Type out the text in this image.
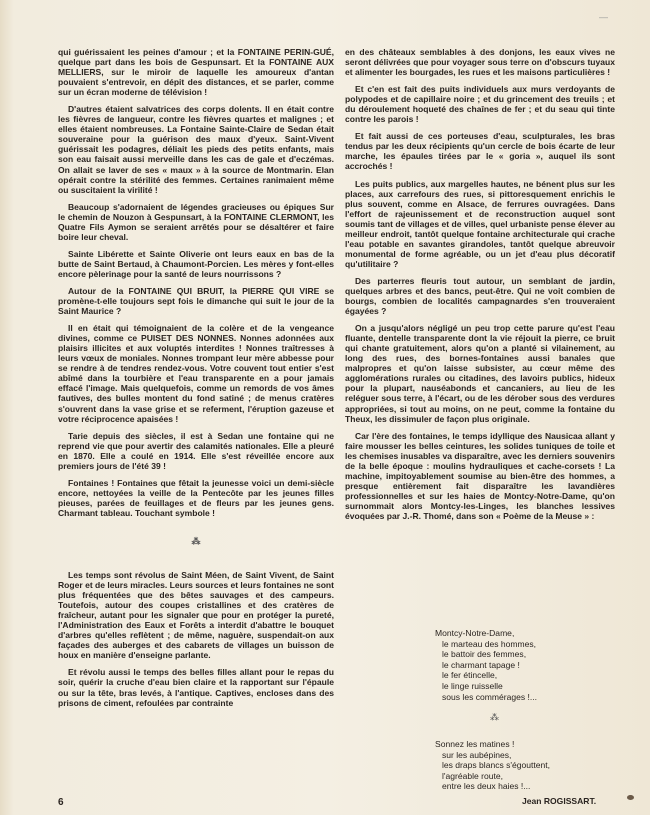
—

qui guérissaient les peines d'amour ; et la FONTAINE PERIN-GUÉ, quelque part dans les bois de Gespunsart. Et la FONTAINE AUX MELLIERS, sur le miroir de laquelle les amoureux d'antan pouvaient s'entrevoir, en dépit des distances, et se parler, comme sur un écran moderne de télévision !

D'autres étaient salvatrices des corps dolents. Il en était contre les fièvres de langueur, contre les fièvres quartes et malignes ; et elles étaient nombreuses. La Fontaine Sainte-Claire de Sedan était souveraine pour la guérison des maux d'yeux. Saint-Vivent guérissait les podagres, déliait les pieds des petits enfants, mais son eau faisait aussi merveille dans les cas de gale et d'eczémas. On allait se laver de ses « maux » à la source de Montmarin. Elan opérait contre la stérilité des femmes. Certaines ranimaient même ou suscitaient la virilité !

Beaucoup s'adornaient de légendes gracieuses ou épiques Sur le chemin de Nouzon à Gespunsart, à la FONTAINE CLERMONT, les Quatre Fils Aymon se seraient arrêtés pour se désaltérer et faire boire leur cheval.

Sainte Libérette et Sainte Oliverie ont leurs eaux en bas de la butte de Saint Bertaud, à Chaumont-Porcien. Les mères y font-elles encore pèlerinage pour la santé de leurs nourrissons ?

Autour de la FONTAINE QUI BRUIT, la PIERRE QUI VIRE se promène-t-elle toujours sept fois le dimanche qui suit le jour de la Saint Maurice ?

Il en était qui témoignaient de la colère et de la vengeance divines, comme ce PUISET DES NONNES. Nonnes adonnées aux plaisirs illicites et aux voluptés interdites ! Nonnes traîtresses à leurs vœux de moniales. Nonnes trompant leur mère abbesse pour se rendre à de tendres rendez-vous. Votre couvent tout entier s'est abîmé dans la tourbière et l'eau transparente en a pour jamais effacé l'image. Mais quelquefois, comme un remords de vos âmes fautives, des bulles montent du fond satiné ; de menus cratères s'ouvrent dans la vase grise et se referment, l'éruption gazeuse et votre réciprocence apaisées !

Tarie depuis des siècles, il est à Sedan une fontaine qui ne reprend vie que pour avertir des calamités nationales. Elle a pleuré en 1870. Elle a coulé en 1914. Elle s'est réveillée encore aux premiers jours de l'été 39 !

Fontaines ! Fontaines que fêtait la jeunesse voici un demi-siècle encore, nettoyées la veille de la Pentecôte par les jeunes filles pieuses, parées de feuillages et de fleurs par les jeunes gens. Charmant tableau. Touchant symbole !

⁂

Les temps sont révolus de Saint Méen, de Saint Vivent, de Saint Roger et de leurs miracles. Leurs sources et leurs fontaines ne sont plus fréquentées que des bêtes sauvages et des campeurs. Toutefois, autour des coupes cristallines et des cratères de fraîcheur, autant pour les signaler que pour en protéger la pureté, l'Administration des Eaux et Forêts a interdit d'abattre le bouquet d'arbres qu'elles reflètent ; de même, naguère, suspendait-on aux façades des auberges et des cabarets de villages un buisson de houx en manière d'enseigne parlante.

Et révolu aussi le temps des belles filles allant pour le repas du soir, quérir la cruche d'eau bien claire et la rapportant sur l'épaule ou sur la tête, bras levés, à l'antique. Captives, encloses dans des prisons de ciment, refoulées par contrainte

en des châteaux semblables à des donjons, les eaux vives ne seront délivrées que pour voyager sous terre on d'obscurs tuyaux et alimenter les bourgades, les rues et les maisons particulières !

Et c'en est fait des puits individuels aux murs verdoyants de polypodes et de capillaire noire ; et du grincement des treuils ; et du déroulement hoqueté des chaînes de fer ; et du seau qui tinte contre les parois !

Et fait aussi de ces porteuses d'eau, sculpturales, les bras tendus par les deux récipients qu'un cercle de bois écarte de leur marche, les épaules tirées par le « goria », auquel ils sont accrochés !

Les puits publics, aux margelles hautes, ne bénent plus sur les places, aux carrefours des rues, si pittoresquement enrichis le plus souvent, comme en Alsace, de ferrures ouvragées. Dans l'effort de rajeunissement et de reconstruction auquel sont soumis tant de villages et de villes, quel urbaniste pense élever au meilleur endroit, tantôt quelque fontaine architecturale qui crache l'eau potable en savantes girandoles, tantôt quelque abreuvoir monumental de forme agréable, ou un jet d'eau plus décoratif qu'utilitaire ?

Des parterres fleuris tout autour, un semblant de jardin, quelques arbres et des bancs, peut-être. Qui ne voit combien de bourgs, combien de localités campagnardes s'en trouveraient égayées ?

On a jusqu'alors négligé un peu trop cette parure qu'est l'eau fluante, dentelle transparente dont la vie réjouit la pierre, ce bruit qui chante gratuitement, alors qu'on a planté si vilainement, au long des rues, des bornes-fontaines aussi banales que malpropres et qu'on laisse subsister, au cœur même des agglomérations rurales ou citadines, des lavoirs publics, hideux pour la plupart, nauséabonds et cancaniers, au lieu de les reléguer sous terre, à l'écart, ou de les dérober sous des verdures appropriées, si tout au moins, on ne peut, comme la fontaine du Theux, les dissimuler de façon plus originale.

Car l'ère des fontaines, le temps idyllique des Nausicaa allant y faire mousser les belles ceintures, les solides tuniques de toile et les chemises inusables va disparaître, avec les derniers souvenirs de la belle époque : moulins hydrauliques et cache-corsets ! La machine, impitoyablement soumise au bien-être des hommes, a presque entièrement fait disparaître les lavandières professionnelles et sur les haies de Montcy-Notre-Dame, qu'on surnommait alors Montcy-les-Linges, les blanches lessives évoquées par J.-R. Thomé, dans son « Poème de la Meuse » :

Montcy-Notre-Dame,
le marteau des hommes,
le battoir des femmes,
le charmant tapage !
le fer étincelle,
le linge ruisselle
sous les commérages !...
⁂
Sonnez les matines !
sur les aubépines,
les draps blancs s'égouttent,
l'agréable route,
entre les deux haies !...
Jean ROGISSART.
6
